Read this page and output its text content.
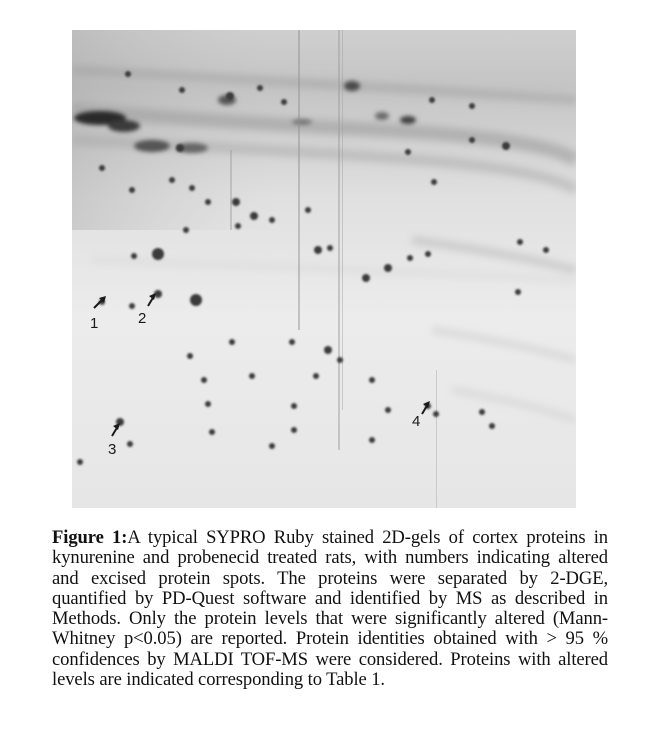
1	2
3
4

Figure 1:A typical SYPRO Ruby stained 2D-gels of cortex proteins in kynurenine and probenecid treated rats, with numbers indicating altered and excised protein spots. The proteins were separated by 2-DGE, quantified by PD-Quest software and identified by MS as described in Methods. Only the protein levels that were significantly altered (Mann-Whitney p<0.05) are reported. Protein identities obtained with > 95 % confidences by MALDI TOF-MS were considered. Proteins with altered levels are indicated corresponding to Table 1.
